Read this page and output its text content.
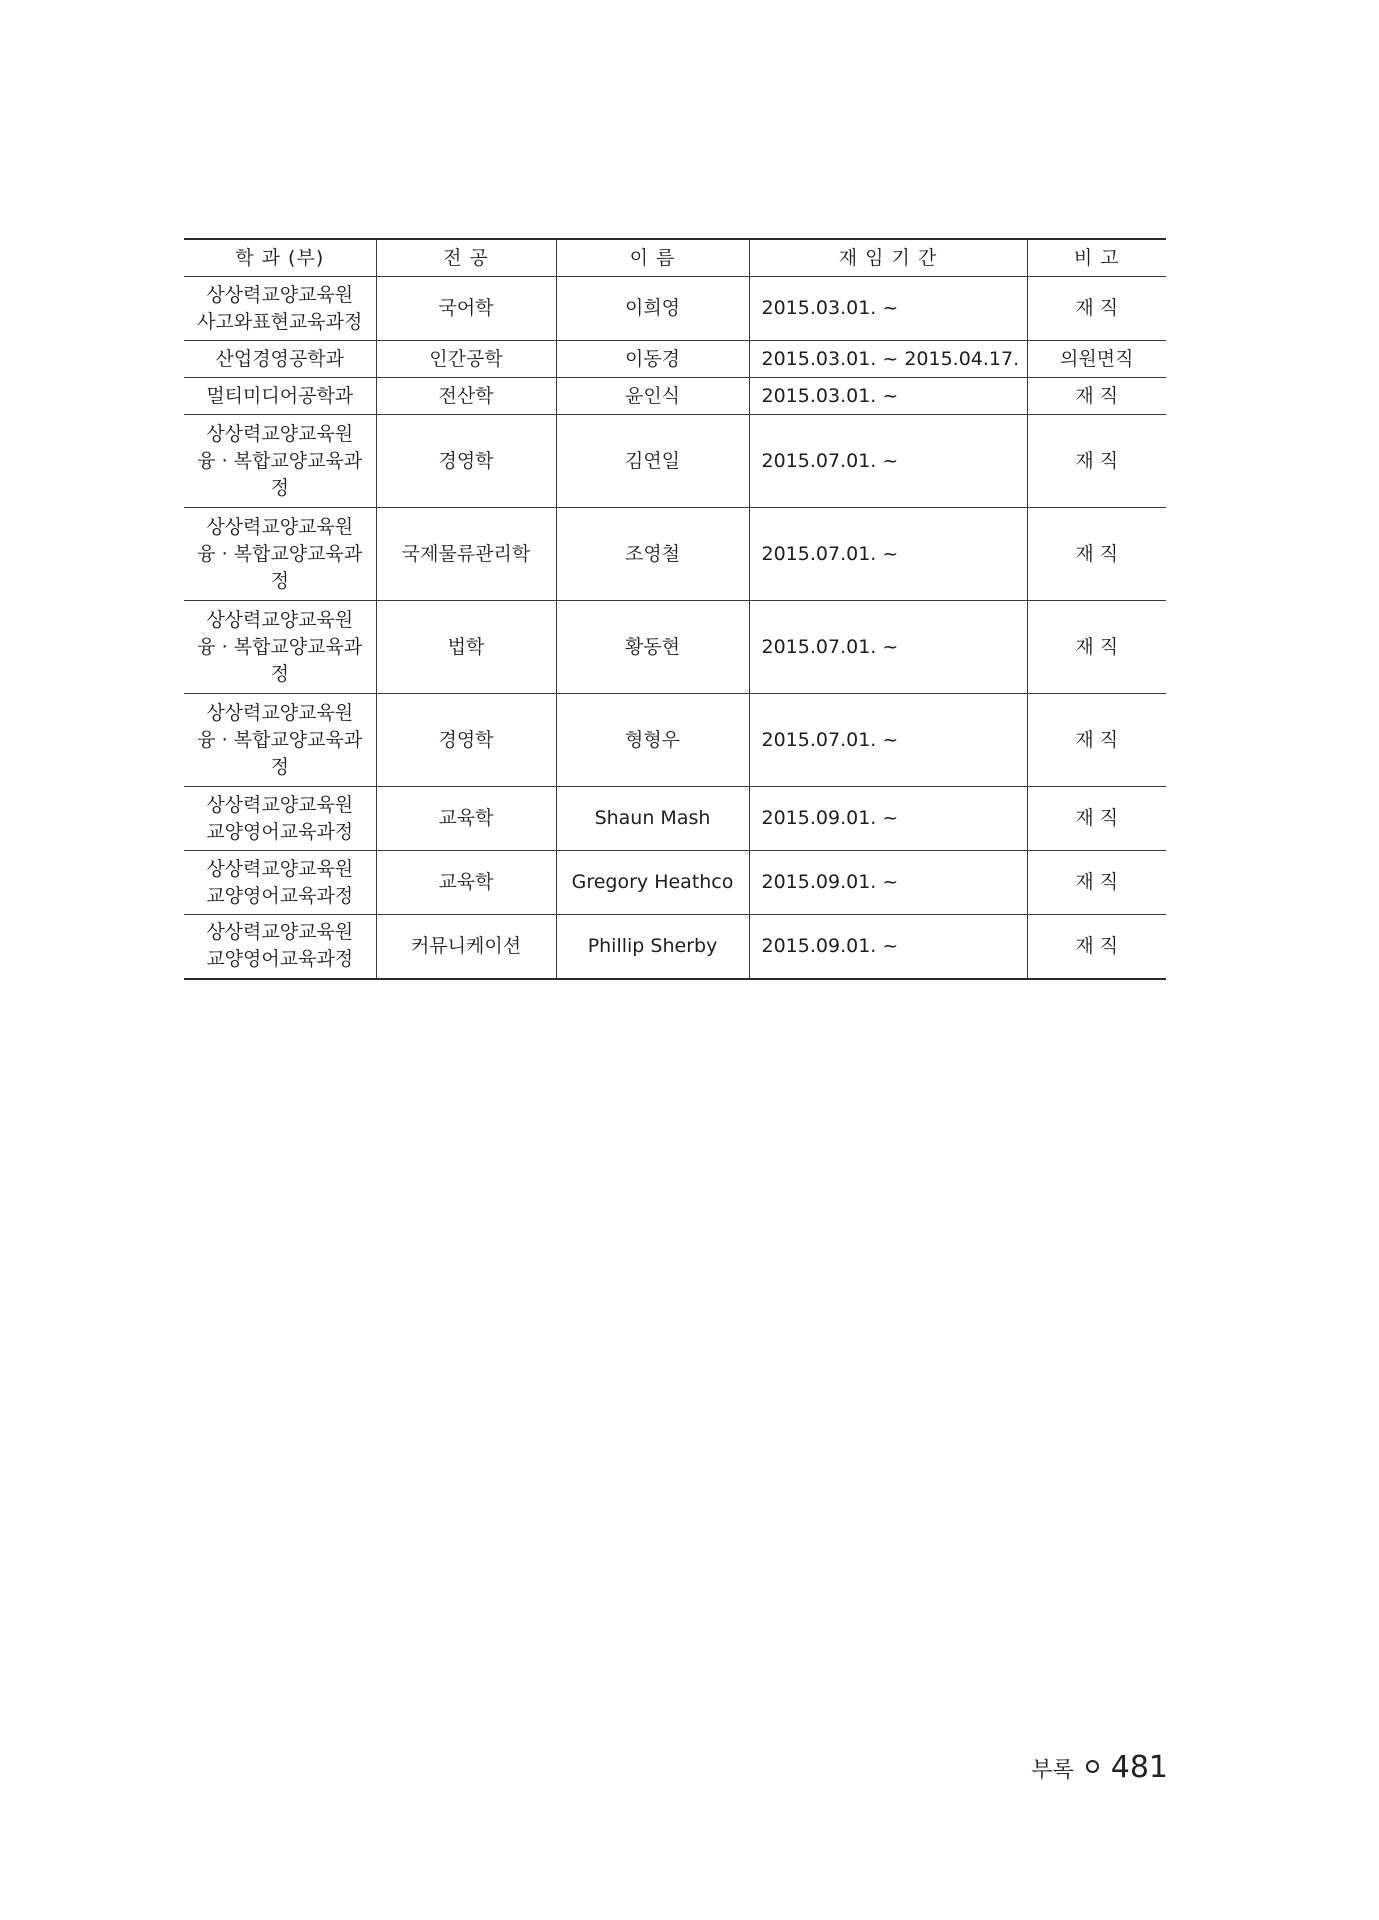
학 과 (부)	전 공	이 름	재 임 기 간	비 고
상상력교양교육원
사고와표현교육과정	국어학	이희영	2015.03.01. ~	재 직
산업경영공학과	인간공학	이동경	2015.03.01. ~ 2015.04.17.	의원면직
멀티미디어공학과	전산학	윤인식	2015.03.01. ~	재 직
상상력교양교육원
융 · 복합교양교육과정	경영학	김연일	2015.07.01. ~	재 직
상상력교양교육원
융 · 복합교양교육과정	국제물류관리학	조영철	2015.07.01. ~	재 직
상상력교양교육원
융 · 복합교양교육과정	법학	황동현	2015.07.01. ~	재 직
상상력교양교육원
융 · 복합교양교육과정	경영학	형형우	2015.07.01. ~	재 직
상상력교양교육원
교양영어교육과정	교육학	Shaun Mash	2015.09.01. ~	재 직
상상력교양교육원
교양영어교육과정	교육학	Gregory Heathco	2015.09.01. ~	재 직
상상력교양교육원
교양영어교육과정	커뮤니케이션	Phillip Sherby	2015.09.01. ~	재 직
부록 481
